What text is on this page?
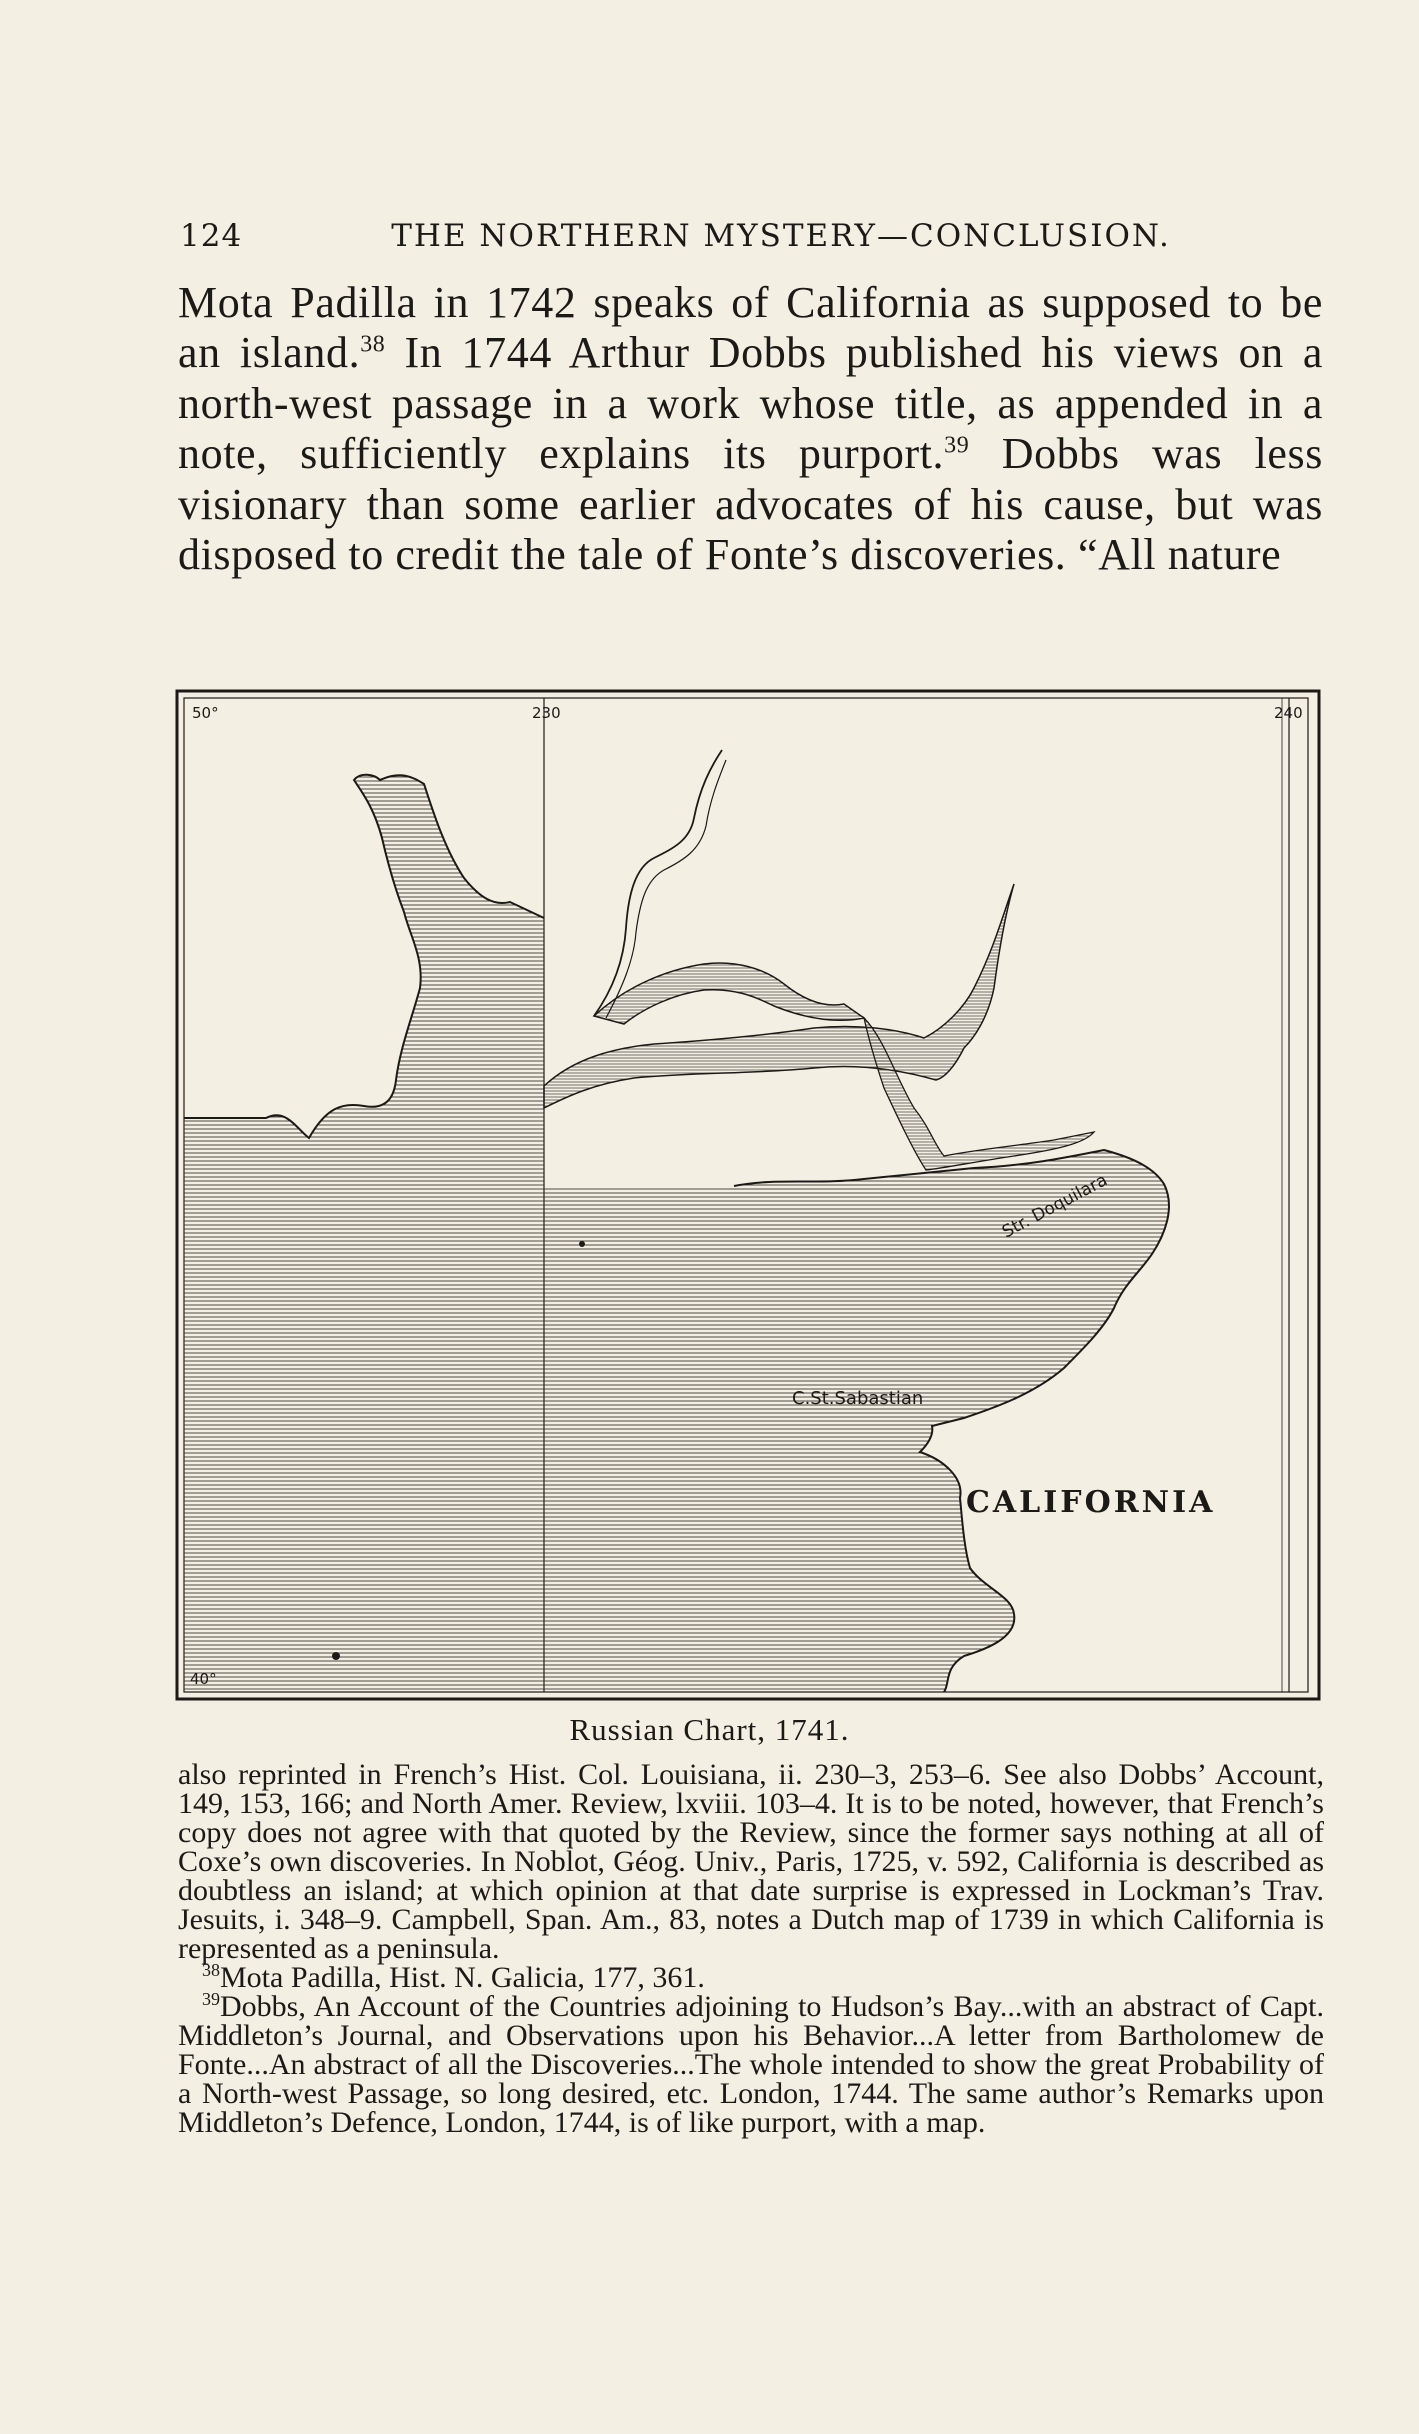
124	THE NORTHERN MYSTERY—CONCLUSION.
Mota Padilla in 1742 speaks of California as supposed to be an island.$^{38}$ In 1744 Arthur Dobbs published his views on a north-west passage in a work whose title, as appended in a note, sufficiently explains its purport.$^{39}$ Dobbs was less visionary than some earlier advocates of his cause, but was disposed to credit the tale of Fonte’s discoveries. “All nature
50°
40°
230	240
Str. Doquilara
C.St.Sabastian
CALIFORNIA
Russian Chart, 1741.

also reprinted in French’s Hist. Col. Louisiana, ii. 230–3, 253–6. See also Dobbs’ Account, 149, 153, 166; and North Amer. Review, lxviii. 103–4. It is to be noted, however, that French’s copy does not agree with that quoted by the Review, since the former says nothing at all of Coxe’s own discoveries. In Noblot, Géog. Univ., Paris, 1725, v. 592, California is described as doubtless an island; at which opinion at that date surprise is expressed in Lockman’s Trav. Jesuits, i. 348–9. Campbell, Span. Am., 83, notes a Dutch map of 1739 in which California is represented as a peninsula.

$^{38}$Mota Padilla, Hist. N. Galicia, 177, 361.

$^{39}$Dobbs, An Account of the Countries adjoining to Hudson’s Bay...with an abstract of Capt. Middleton’s Journal, and Observations upon his Behavior...A letter from Bartholomew de Fonte...An abstract of all the Discoveries...The whole intended to show the great Probability of a North-west Passage, so long desired, etc. London, 1744. The same author’s Remarks upon Middleton’s Defence, London, 1744, is of like purport, with a map.
